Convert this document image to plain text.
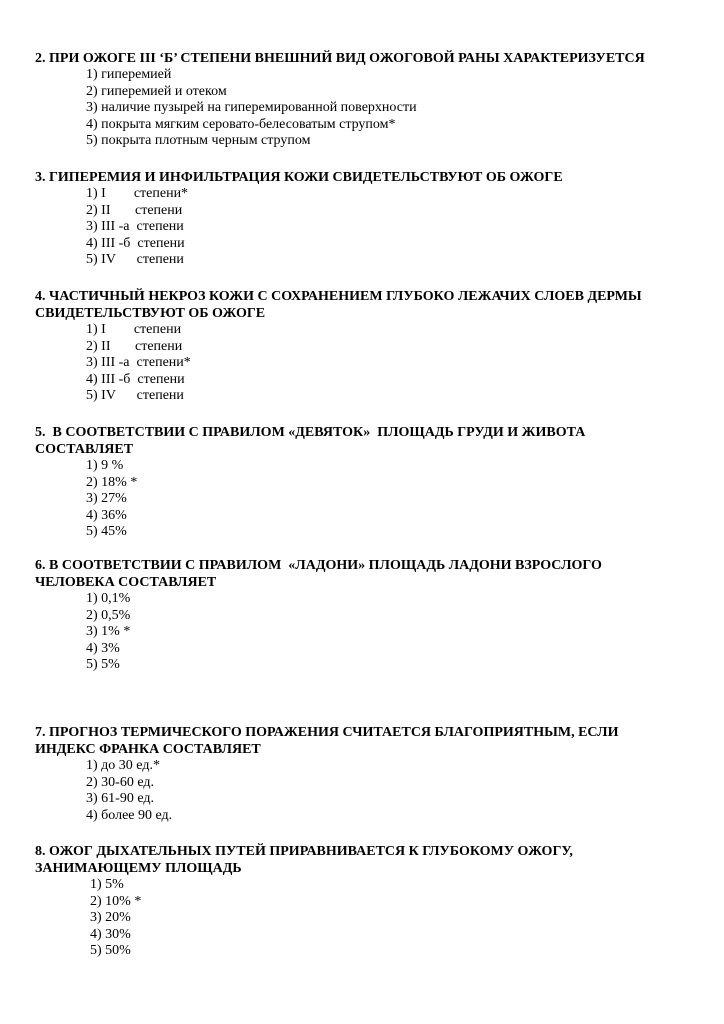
2. ПРИ ОЖОГЕ III ‘Б’ СТЕПЕНИ ВНЕШНИЙ ВИД ОЖОГОВОЙ РАНЫ ХАРАКТЕРИЗУЕТСЯ

1) гиперемией
2) гиперемией и отеком
3) наличие пузырей на гиперемированной поверхности
4) покрыта мягким серовато-белесоватым струпом*
5) покрыта плотным черным струпом

3. ГИПЕРЕМИЯ И ИНФИЛЬТРАЦИЯ КОЖИ СВИДЕТЕЛЬСТВУЮТ ОБ ОЖОГЕ

1) I        степени*
2) II       степени
3) III -а  степени
4) III -б  степени
5) IV      степени

4. ЧАСТИЧНЫЙ НЕКРОЗ КОЖИ С СОХРАНЕНИЕМ ГЛУБОКО ЛЕЖАЧИХ СЛОЕВ ДЕРМЫ
СВИДЕТЕЛЬСТВУЮТ ОБ ОЖОГЕ

1) I        степени
2) II       степени
3) III -а  степени*
4) III -б  степени
5) IV      степени

5.  В СООТВЕТСТВИИ С ПРАВИЛОМ «ДЕВЯТОК»  ПЛОЩАДЬ ГРУДИ И ЖИВОТА
СОСТАВЛЯЕТ

1) 9 %
2) 18% *
3) 27%
4) 36%
5) 45%

6. В СООТВЕТСТВИИ С ПРАВИЛОМ  «ЛАДОНИ» ПЛОЩАДЬ ЛАДОНИ ВЗРОСЛОГО
ЧЕЛОВЕКА СОСТАВЛЯЕТ

1) 0,1%
2) 0,5%
3) 1% *
4) 3%
5) 5%

7. ПРОГНОЗ ТЕРМИЧЕСКОГО ПОРАЖЕНИЯ СЧИТАЕТСЯ БЛАГОПРИЯТНЫМ, ЕСЛИ
ИНДЕКС ФРАНКА СОСТАВЛЯЕТ

1) до 30 ед.*
2) 30-60 ед.
3) 61-90 ед.
4) более 90 ед.

8. ОЖОГ ДЫХАТЕЛЬНЫХ ПУТЕЙ ПРИРАВНИВАЕТСЯ К ГЛУБОКОМУ ОЖОГУ,
ЗАНИМАЮЩЕМУ ПЛОЩАДЬ

1) 5%
2) 10% *
3) 20%
4) 30%
5) 50%
